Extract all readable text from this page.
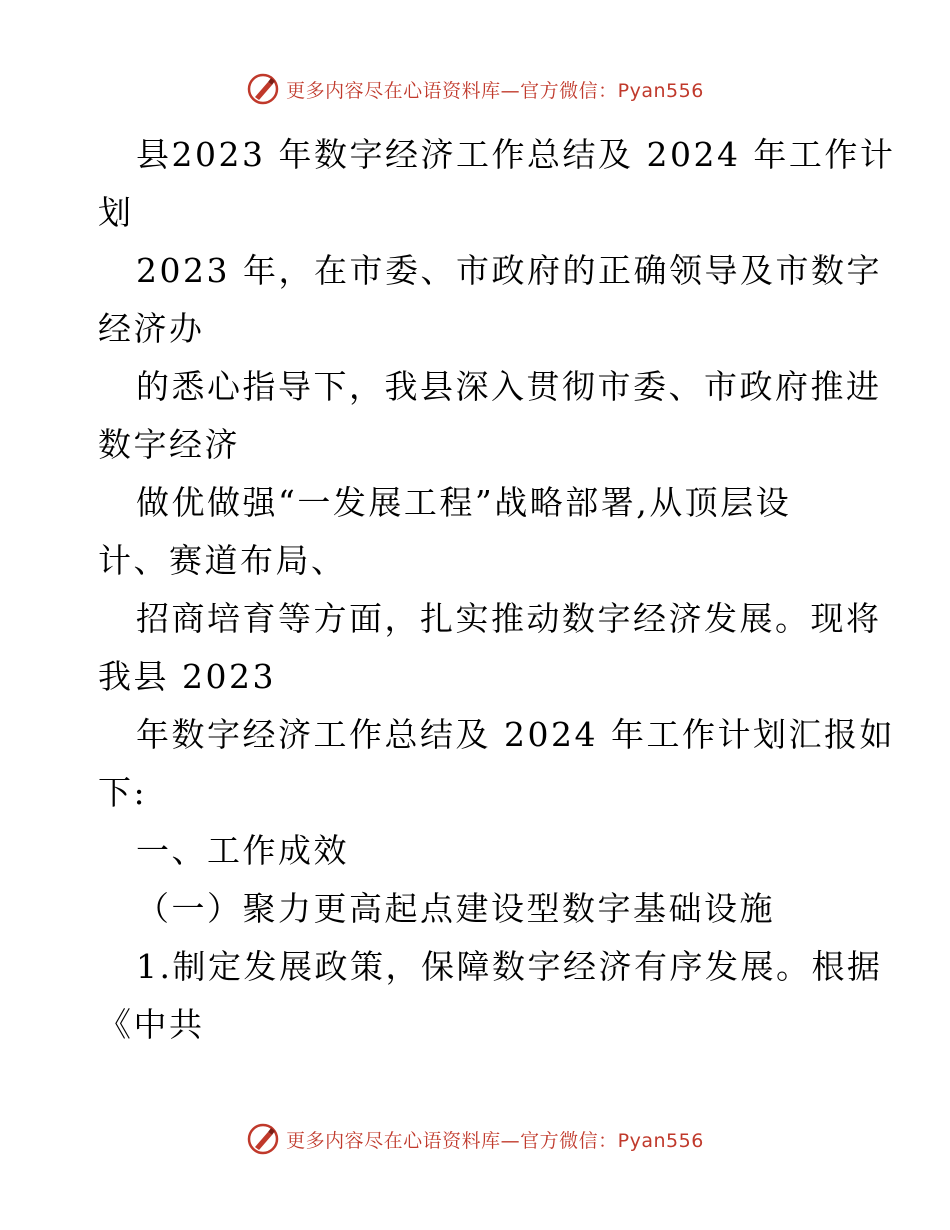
更多内容尽在心语资料库—官方微信：Pyan556

县2023 年数字经济工作总结及 2024 年工作计

划

2023 年，在市委、市政府的正确领导及市数字

经济办

的悉心指导下，我县深入贯彻市委、市政府推进

数字经济

做优做强“一发展工程”战略部署,从顶层设

计、赛道布局、

招商培育等方面，扎实推动数字经济发展。现将

我县 2023

年数字经济工作总结及 2024 年工作计划汇报如

下:

一、工作成效

（一）聚力更高起点建设型数字基础设施

1.制定发展政策，保障数字经济有序发展。根据

《中共

更多内容尽在心语资料库—官方微信：Pyan556
